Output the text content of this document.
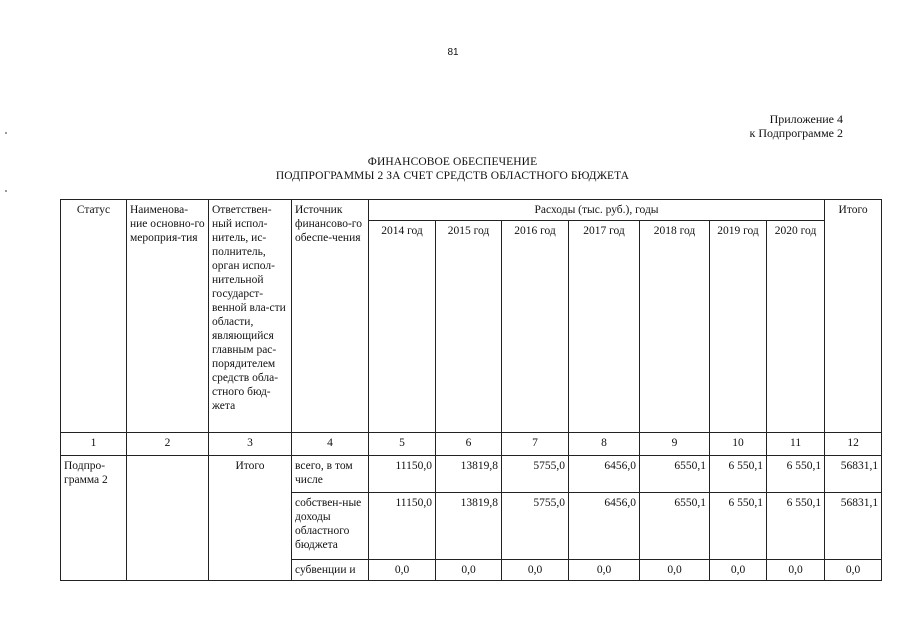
81
Приложение 4
к Подпрограмме 2
ФИНАНСОВОЕ ОБЕСПЕЧЕНИЕ
ПОДПРОГРАММЫ 2 ЗА СЧЕТ СРЕДСТВ ОБЛАСТНОГО БЮДЖЕТА
Статус	Наименова-ние основно-го мероприя-тия	Ответствен-ный испол-нитель, ис-полнитель, орган испол-нительной государст-венной вла-сти области, являющийся главным рас-порядителем средств обла-стного бюд-жета	Источник финансово-го обеспе-чения	Расходы (тыс. руб.), годы							Итого
				2014 год	2015 год	2016 год	2017 год	2018 год	2019 год	2020 год	
1	2	3	4	5	6	7	8	9	10	11	12
Подпро-грамма 2		Итого	всего, в том числе	11150,0	13819,8	5755,0	6456,0	6550,1	6 550,1	6 550,1	56831,1
			собствен-ные доходы областного бюджета	11150,0	13819,8	5755,0	6456,0	6550,1	6 550,1	6 550,1	56831,1
			субвенции и	0,0	0,0	0,0	0,0	0,0	0,0	0,0	0,0
